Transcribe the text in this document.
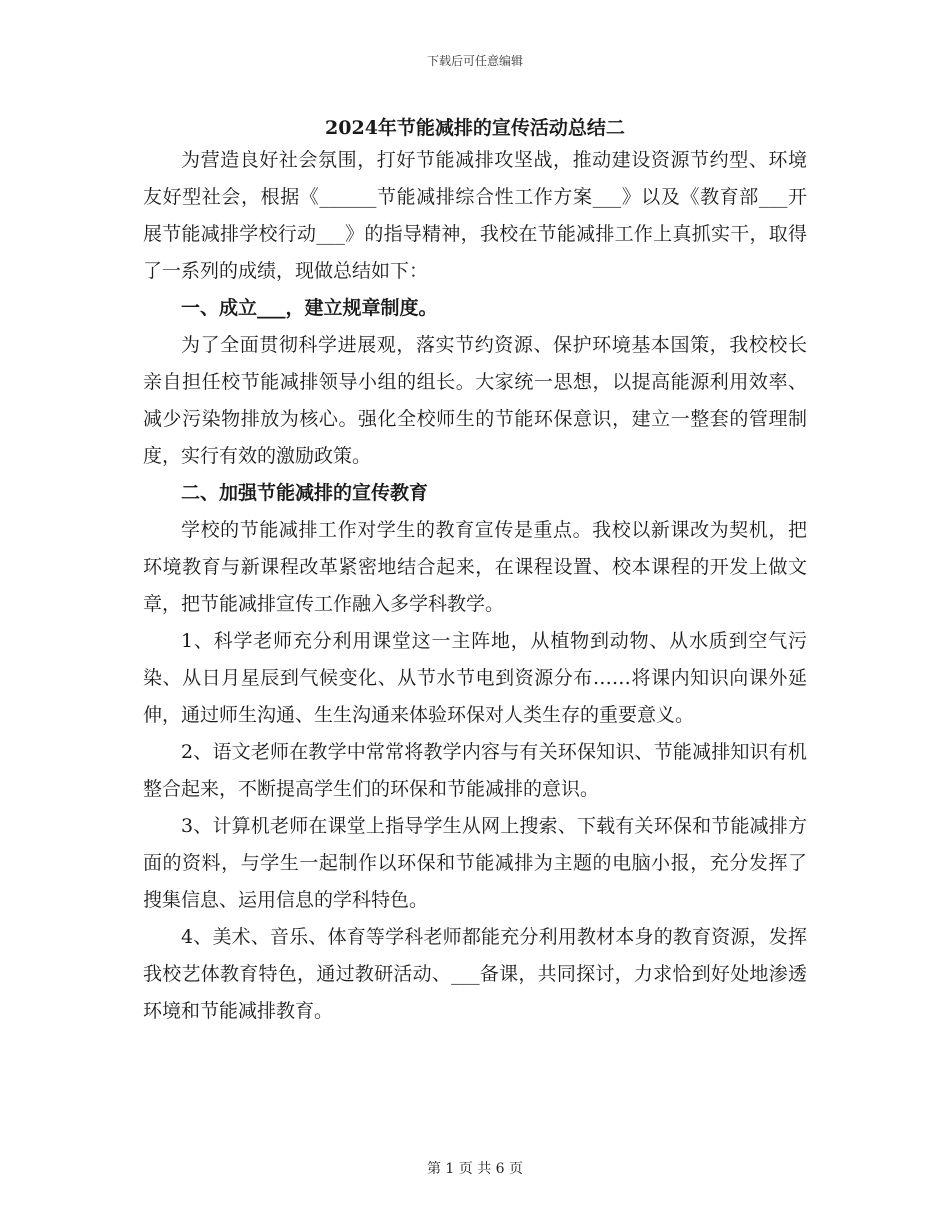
下载后可任意编辑
2024年节能减排的宣传活动总结二

为营造良好社会氛围，打好节能减排攻坚战，推动建设资源节约型、环境友好型社会，根据《______节能减排综合性工作方案___》以及《教育部___开展节能减排学校行动___》的指导精神，我校在节能减排工作上真抓实干，取得了一系列的成绩，现做总结如下：

一、成立___，建立规章制度。

为了全面贯彻科学进展观，落实节约资源、保护环境基本国策，我校校长亲自担任校节能减排领导小组的组长。大家统一思想，以提高能源利用效率、减少污染物排放为核心。强化全校师生的节能环保意识，建立一整套的管理制度，实行有效的激励政策。

二、加强节能减排的宣传教育

学校的节能减排工作对学生的教育宣传是重点。我校以新课改为契机，把环境教育与新课程改革紧密地结合起来，在课程设置、校本课程的开发上做文章，把节能减排宣传工作融入多学科教学。

1、科学老师充分利用课堂这一主阵地，从植物到动物、从水质到空气污染、从日月星辰到气候变化、从节水节电到资源分布……将课内知识向课外延伸，通过师生沟通、生生沟通来体验环保对人类生存的重要意义。

2、语文老师在教学中常常将教学内容与有关环保知识、节能减排知识有机整合起来，不断提高学生们的环保和节能减排的意识。

3、计算机老师在课堂上指导学生从网上搜索、下载有关环保和节能减排方面的资料，与学生一起制作以环保和节能减排为主题的电脑小报，充分发挥了搜集信息、运用信息的学科特色。

4、美术、音乐、体育等学科老师都能充分利用教材本身的教育资源，发挥我校艺体教育特色，通过教研活动、___备课，共同探讨，力求恰到好处地渗透环境和节能减排教育。

第 1 页 共 6 页
